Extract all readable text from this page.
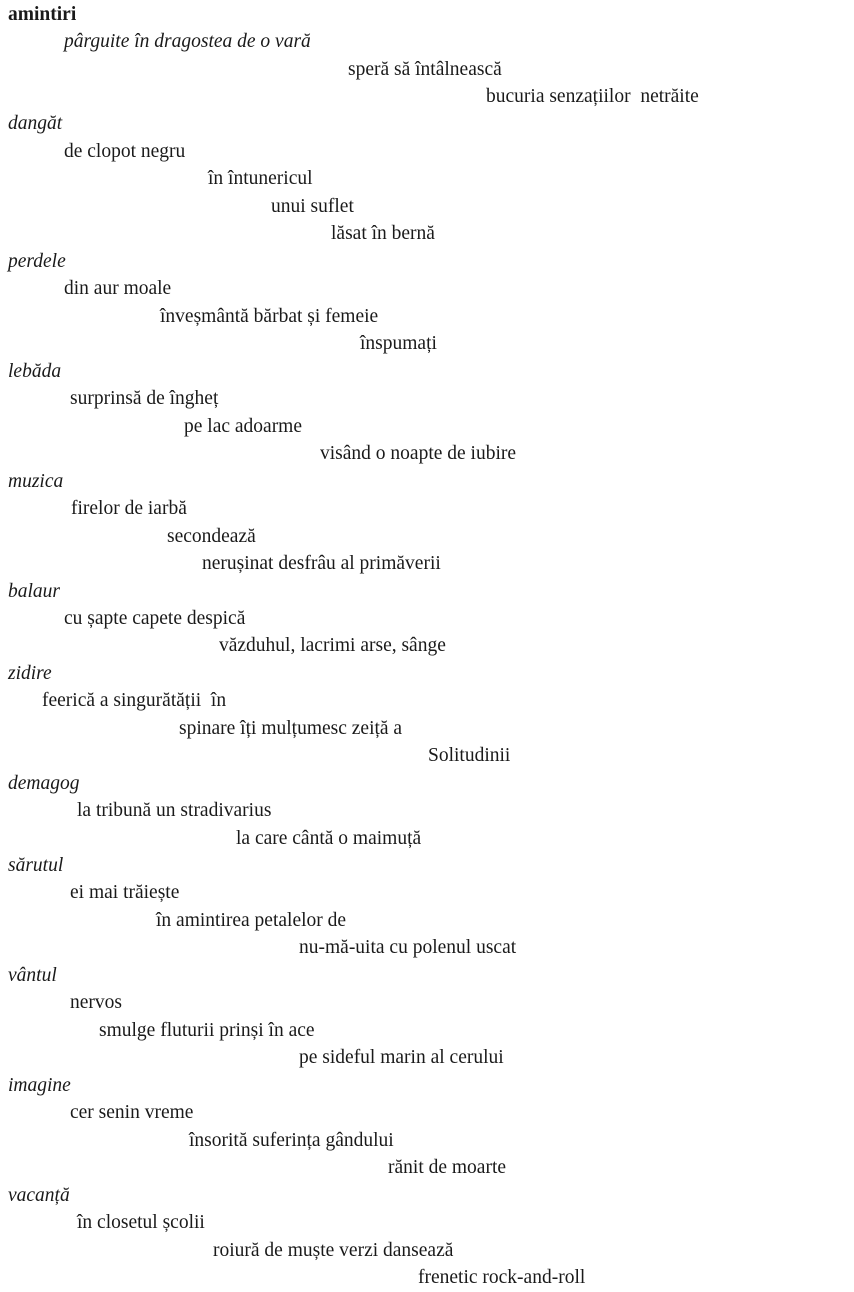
amintiri
pârguite în dragostea de o vară
speră să întâlnească
bucuria senzațiilor  netrăite
dangăt
de clopot negru
în întunericul
unui suflet
lăsat în bernă
perdele
din aur moale
înveșmântă bărbat și femeie
înspumați
lebăda
surprinsă de îngheț
pe lac adoarme
visând o noapte de iubire
muzica
firelor de iarbă
secondează
nerușinat desfrâu al primăverii
balaur
cu șapte capete despică
văzduhul, lacrimi arse, sânge
zidire
feerică a singurătății  în
spinare îți mulțumesc zeiță a
Solitudinii
demagog
la tribună un stradivarius
la care cântă o maimuță
sărutul
ei mai trăiește
în amintirea petalelor de
nu-mă-uita cu polenul uscat
vântul
nervos
smulge fluturii prinși în ace
pe sideful marin al cerului
imagine
cer senin vreme
însorită suferința gândului
rănit de moarte
vacanță
în closetul școlii
roiură de muște verzi dansează
frenetic rock-and-roll
